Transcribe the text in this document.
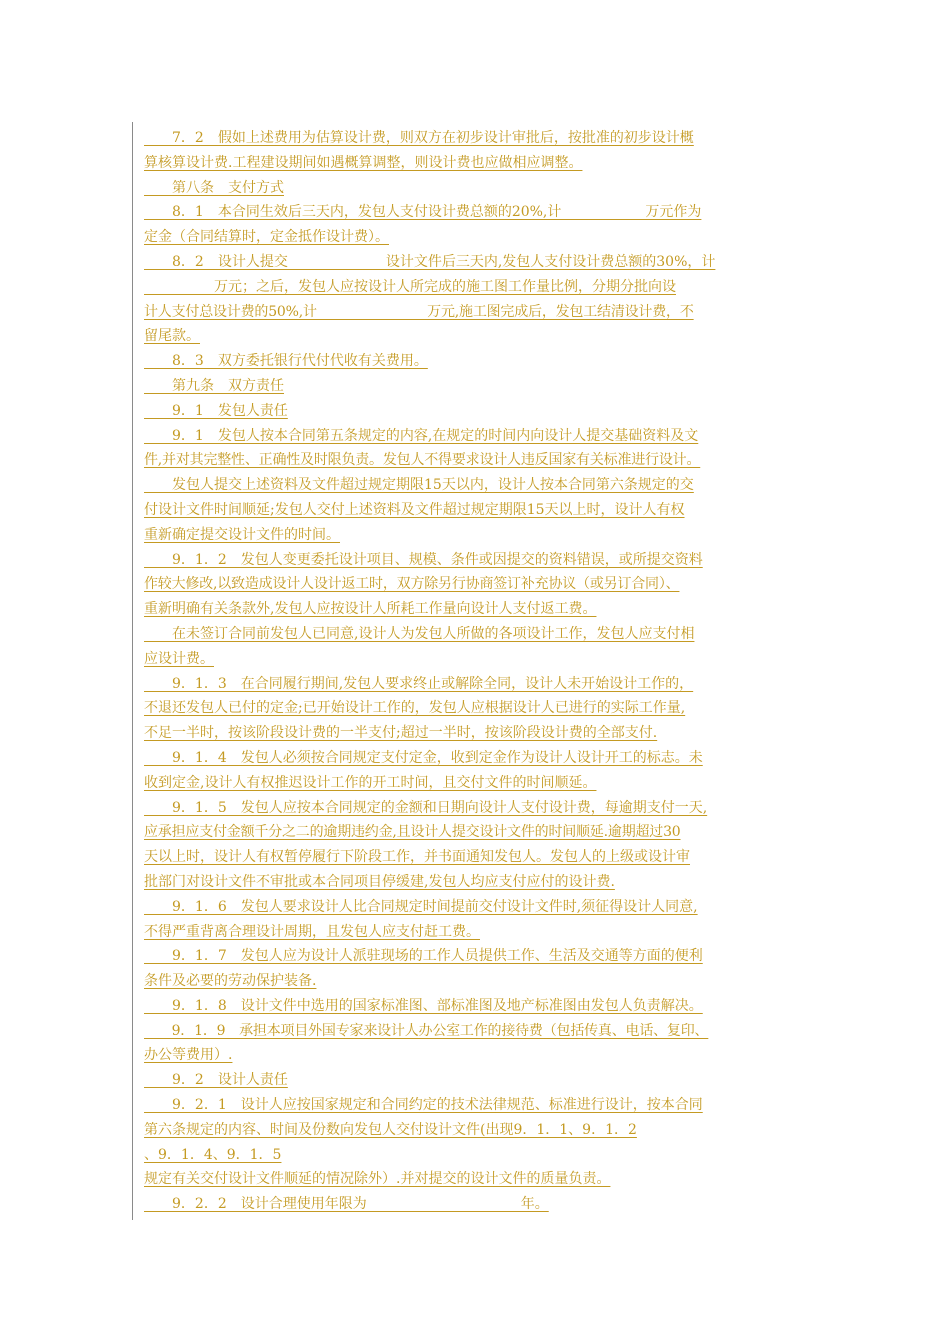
　　7．2　假如上述费用为估算设计费，则双方在初步设计审批后，按批准的初步设计概
算核算设计费.工程建设期间如遇概算调整，则设计费也应做相应调整。
　　第八条　支付方式
　　8．1　本合同生效后三天内，发包人支付设计费总额的20%,计　　　　　　万元作为
定金（合同结算时，定金抵作设计费）。
　　8．2　设计人提交　　　　　　　设计文件后三天内,发包人支付设计费总额的30%，计
　　　　　万元；之后，发包人应按设计人所完成的施工图工作量比例，分期分批向设
计人支付总设计费的50%,计　　　　　　　　万元,施工图完成后，发包工结清设计费，不
留尾款。
　　8．3　双方委托银行代付代收有关费用。
　　第九条　双方责任
　　9．1　发包人责任
　　9．1　发包人按本合同第五条规定的内容,在规定的时间内向设计人提交基础资料及文
件,并对其完整性、正确性及时限负责。发包人不得要求设计人违反国家有关标准进行设计。
　　发包人提交上述资料及文件超过规定期限15天以内，设计人按本合同第六条规定的交
付设计文件时间顺延;发包人交付上述资料及文件超过规定期限15天以上时，设计人有权
重新确定提交设计文件的时间。
　　9．1．2　发包人变更委托设计项目、规模、条件或因提交的资料错误，或所提交资料
作较大修改,以致造成设计人设计返工时，双方除另行协商签订补充协议（或另订合同）、
重新明确有关条款外,发包人应按设计人所耗工作量向设计人支付返工费。
　　在未签订合同前发包人已同意,设计人为发包人所做的各项设计工作，发包人应支付相
应设计费。
　　9．1．3　在合同履行期间,发包人要求终止或解除全同，设计人未开始设计工作的，
不退还发包人已付的定金;已开始设计工作的，发包人应根据设计人已进行的实际工作量,
不足一半时，按该阶段设计费的一半支付;超过一半时，按该阶段设计费的全部支付.
　　9．1．4　发包人必须按合同规定支付定金，收到定金作为设计人设计开工的标志。未
收到定金,设计人有权推迟设计工作的开工时间，且交付文件的时间顺延。
　　9．1．5　发包人应按本合同规定的金额和日期向设计人支付设计费，每逾期支付一天,
应承担应支付金额千分之二的逾期违约金,且设计人提交设计文件的时间顺延.逾期超过30
天以上时，设计人有权暂停履行下阶段工作，并书面通知发包人。发包人的上级或设计审
批部门对设计文件不审批或本合同项目停缓建,发包人均应支付应付的设计费.
　　9．1．6　发包人要求设计人比合同规定时间提前交付设计文件时,须征得设计人同意,
不得严重背离合理设计周期，且发包人应支付赶工费。
　　9．1．7　发包人应为设计人派驻现场的工作人员提供工作、生活及交通等方面的便利
条件及必要的劳动保护装备.
　　9．1．8　设计文件中选用的国家标准图、部标准图及地产标准图由发包人负责解决。
　　9．1．9　承担本项目外国专家来设计人办公室工作的接待费（包括传真、电话、复印、
办公等费用）.
　　9．2　设计人责任
　　9．2．1　设计人应按国家规定和合同约定的技术法律规范、标准进行设计，按本合同
第六条规定的内容、时间及份数向发包人交付设计文件(出现9．1．1、9．1．2
、9．1．4、9．1．5
规定有关交付设计文件顺延的情况除外）.并对提交的设计文件的质量负责。
　　9．2．2　设计合理使用年限为　　　　　　　　　　　年。
